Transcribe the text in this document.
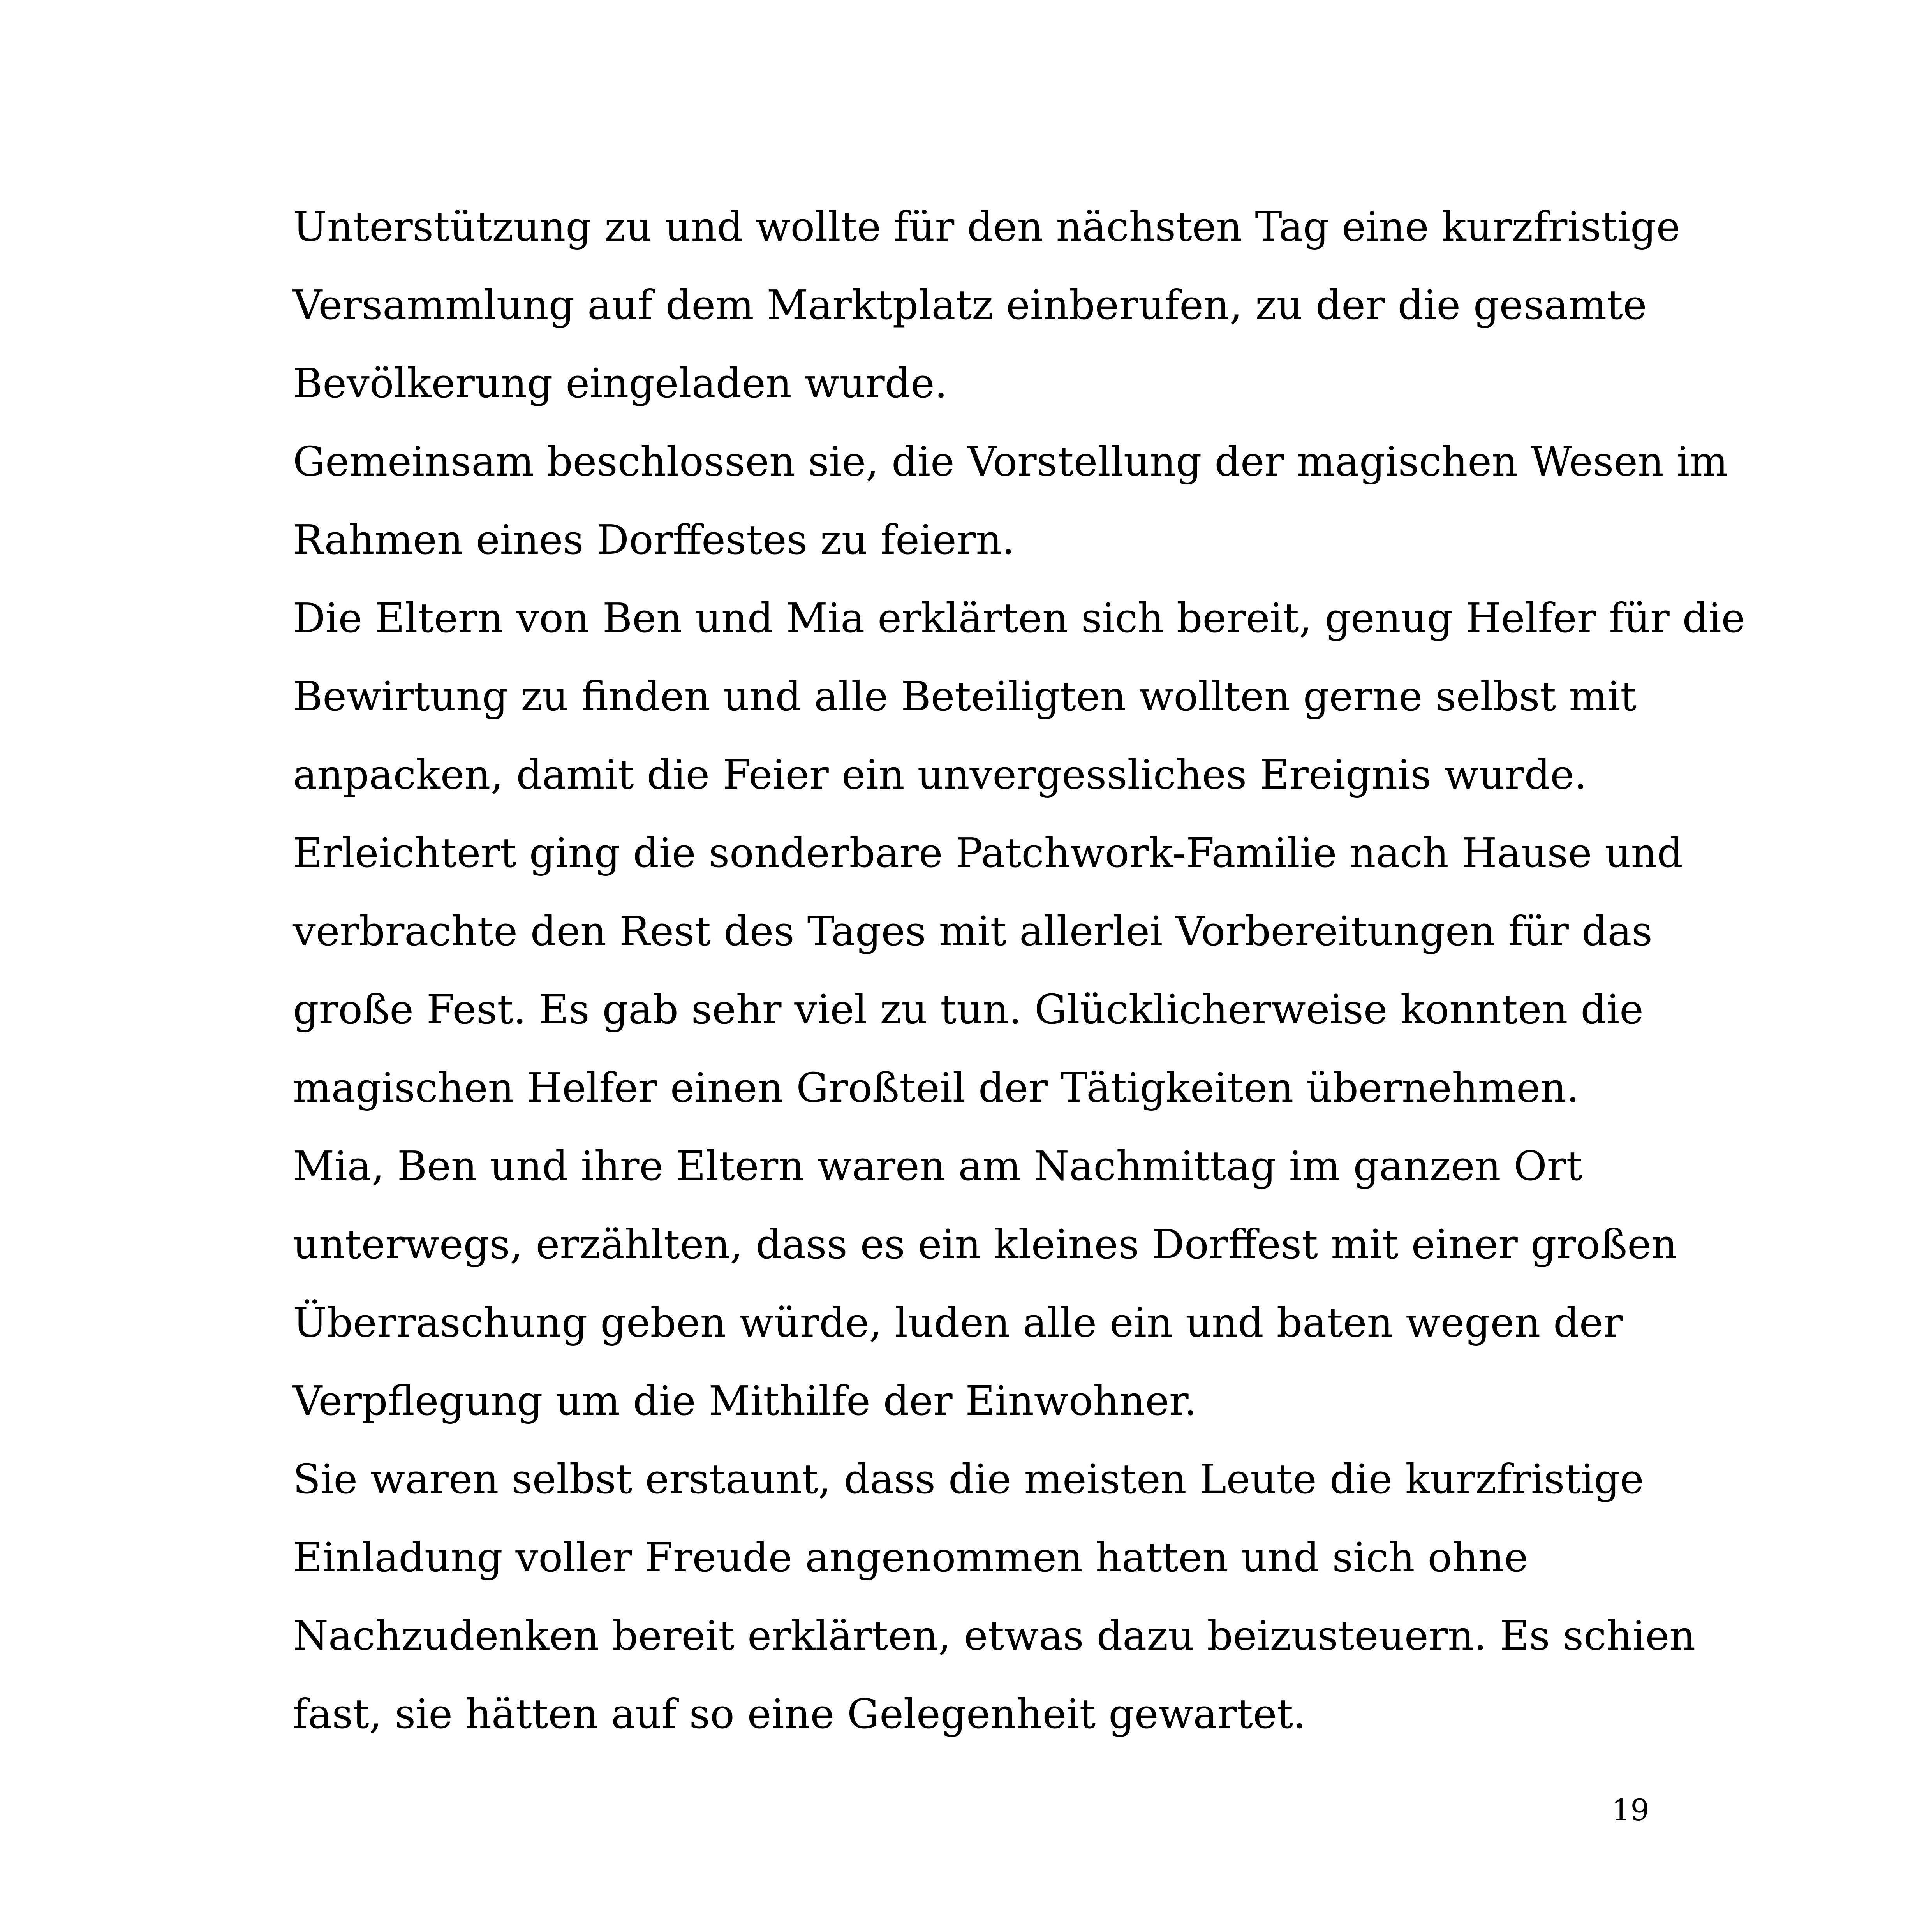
Unterstützung zu und wollte für den nächsten Tag eine kurzfristige
Versammlung auf dem Marktplatz einberufen, zu der die gesamte
Bevölkerung eingeladen wurde.
Gemeinsam beschlossen sie, die Vorstellung der magischen Wesen im
Rahmen eines Dorffestes zu feiern.
Die Eltern von Ben und Mia erklärten sich bereit, genug Helfer für die
Bewirtung zu finden und alle Beteiligten wollten gerne selbst mit
anpacken, damit die Feier ein unvergessliches Ereignis wurde.
Erleichtert ging die sonderbare Patchwork-Familie nach Hause und
verbrachte den Rest des Tages mit allerlei Vorbereitungen für das
große Fest. Es gab sehr viel zu tun. Glücklicherweise konnten die
magischen Helfer einen Großteil der Tätigkeiten übernehmen.
Mia, Ben und ihre Eltern waren am Nachmittag im ganzen Ort
unterwegs, erzählten, dass es ein kleines Dorffest mit einer großen
Überraschung geben würde, luden alle ein und baten wegen der
Verpflegung um die Mithilfe der Einwohner.
Sie waren selbst erstaunt, dass die meisten Leute die kurzfristige
Einladung voller Freude angenommen hatten und sich ohne
Nachzudenken bereit erklärten, etwas dazu beizusteuern. Es schien
fast, sie hätten auf so eine Gelegenheit gewartet.
19
